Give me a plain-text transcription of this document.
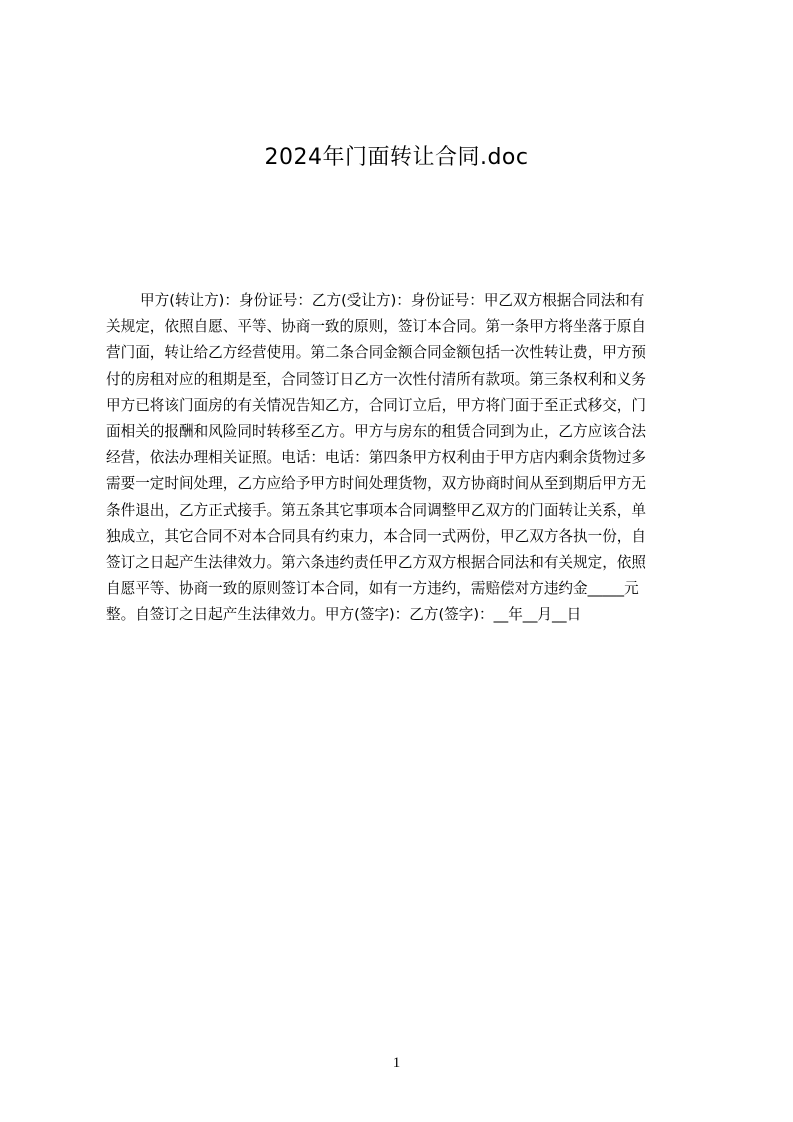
2024年门面转让合同.doc
甲方(转让方)：身份证号：乙方(受让方)：身份证号：甲乙双方根据合同法和有
关规定，依照自愿、平等、协商一致的原则，签订本合同。第一条甲方将坐落于原自
营门面，转让给乙方经营使用。第二条合同金额合同金额包括一次性转让费，甲方预
付的房租对应的租期是至，合同签订日乙方一次性付清所有款项。第三条权利和义务
甲方已将该门面房的有关情况告知乙方，合同订立后，甲方将门面于至正式移交，门
面相关的报酬和风险同时转移至乙方。甲方与房东的租赁合同到为止，乙方应该合法
经营，依法办理相关证照。电话：电话：第四条甲方权利由于甲方店内剩余货物过多
需要一定时间处理，乙方应给予甲方时间处理货物，双方协商时间从至到期后甲方无
条件退出，乙方正式接手。第五条其它事项本合同调整甲乙双方的门面转让关系，单
独成立，其它合同不对本合同具有约束力，本合同一式两份，甲乙双方各执一份，自
签订之日起产生法律效力。第六条违约责任甲乙方双方根据合同法和有关规定，依照
自愿平等、协商一致的原则签订本合同，如有一方违约，需赔偿对方违约金_____元
整。自签订之日起产生法律效力。甲方(签字)：乙方(签字)：__年__月__日
1
